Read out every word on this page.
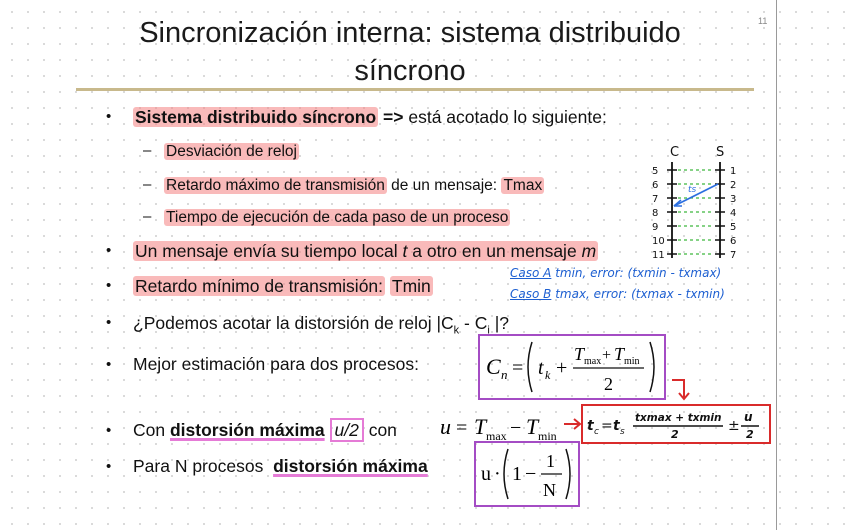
Sincronización interna: sistema distribuido
síncrono
11
• Sistema distribuido síncrono => está acotado lo siguiente:
– Desviación de reloj
– Retardo máximo de transmisión de un mensaje: Tmax
– Tiempo de ejecución de cada paso de un proceso
• Un mensaje envía su tiempo local t a otro en un mensaje m
• Retardo mínimo de transmisión: Tmin
• ¿Podemos acotar la distorsión de reloj $|C_k - C_i$ |?
• Mejor estimación para dos procesos:	C n = t k +
T max + T min
2
• Con distorsión máxima u/2 con u = T max − T min
t c = t s
txmax + txmin
2
±
u
2
• Para N procesos distorsión máxima	u · 1 −
1
N
C	S
5	1
6	2
7	3
8	4
9	5
10	6
11	7
ts
Caso A tmin, error: (txmin - txmax)
Caso B tmax, error: (txmax - txmin)
